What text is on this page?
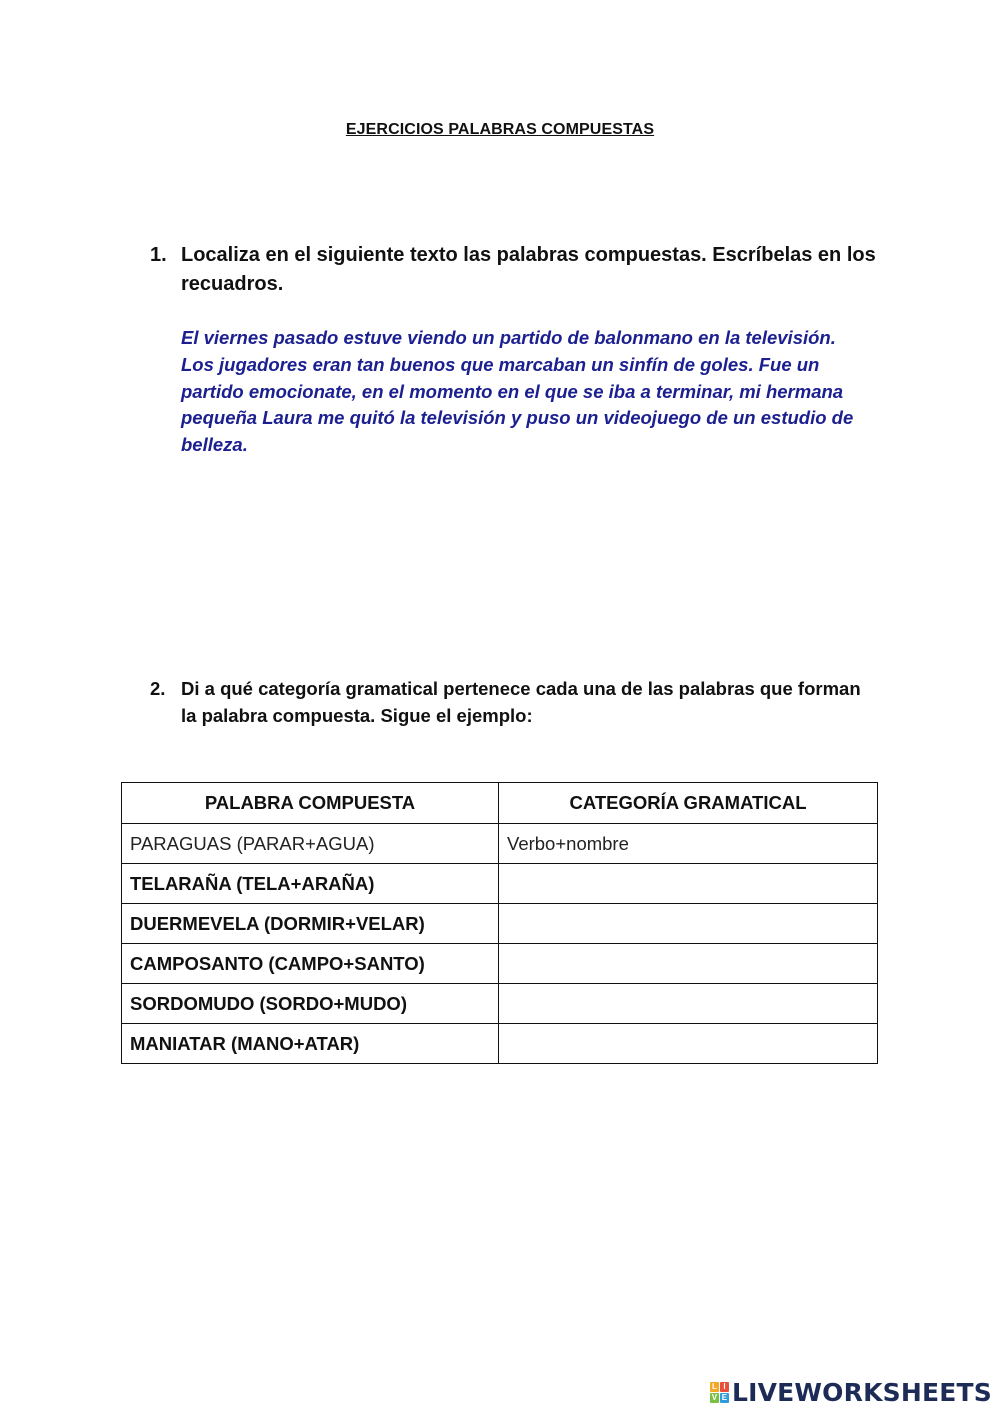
EJERCICIOS PALABRAS COMPUESTAS
1. Localiza en el siguiente texto las palabras compuestas. Escríbelas en los recuadros.
El viernes pasado estuve viendo un partido de balonmano en la televisión. Los jugadores eran tan buenos que marcaban un sinfín de goles. Fue un partido emocionate, en el momento en el que se iba a terminar, mi hermana pequeña Laura me quitó la televisión y puso un videojuego de un estudio de belleza.
2. Di a qué categoría gramatical pertenece cada una de las palabras que forman la palabra compuesta. Sigue el ejemplo:
PALABRA COMPUESTA	CATEGORÍA GRAMATICAL
PARAGUAS (PARAR+AGUA)	Verbo+nombre
TELARAÑA (TELA+ARAÑA)	
DUERMEVELA (DORMIR+VELAR)	
CAMPOSANTO (CAMPO+SANTO)	
SORDOMUDO (SORDO+MUDO)	
MANIATAR (MANO+ATAR)	
L I
V E LIVEWORKSHEETS
